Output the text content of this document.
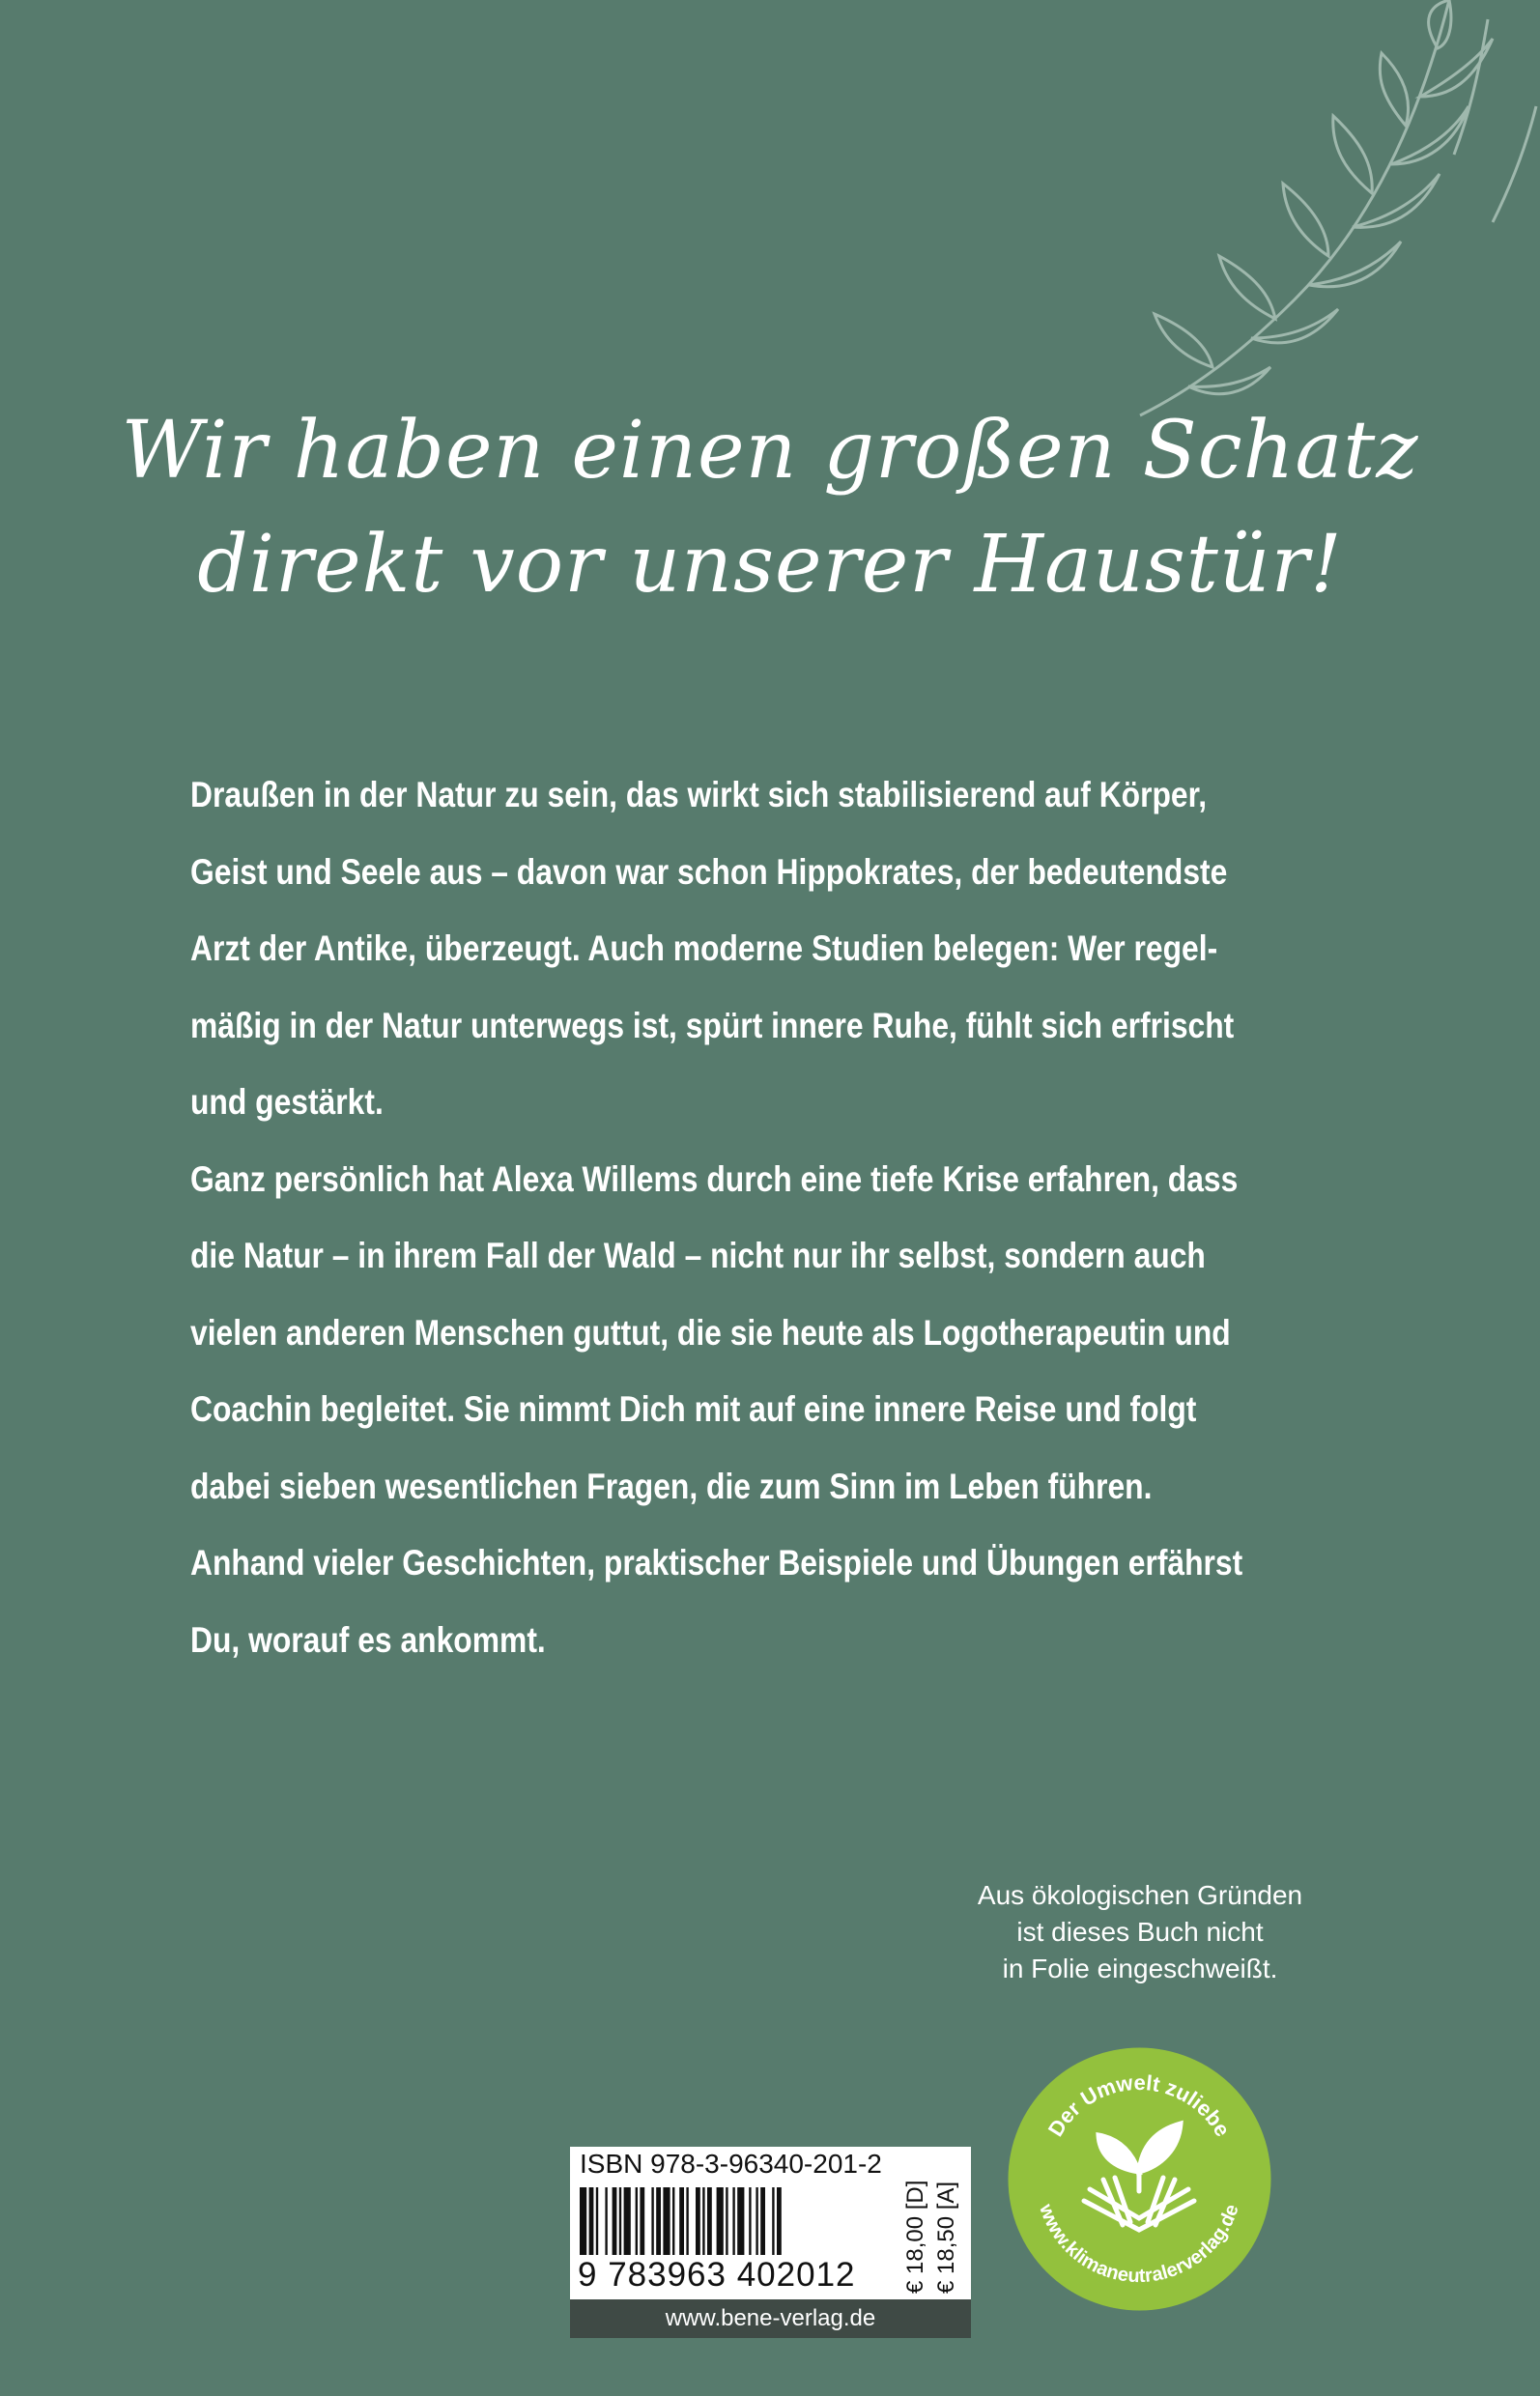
Wir haben einen großen Schatz
direkt vor unserer Haustür!
Draußen in der Natur zu sein, das wirkt sich stabilisierend auf Körper,
Geist und Seele aus – davon war schon Hippokrates, der bedeutendste
Arzt der Antike, überzeugt. Auch moderne Studien belegen: Wer regel-
mäßig in der Natur unterwegs ist, spürt innere Ruhe, fühlt sich erfrischt
und gestärkt.
Ganz persönlich hat Alexa Willems durch eine tiefe Krise erfahren, dass
die Natur – in ihrem Fall der Wald – nicht nur ihr selbst, sondern auch
vielen anderen Menschen guttut, die sie heute als Logotherapeutin und
Coachin begleitet. Sie nimmt Dich mit auf eine innere Reise und folgt
dabei sieben wesentlichen Fragen, die zum Sinn im Leben führen.
Anhand vieler Geschichten, praktischer Beispiele und Übungen erfährst
Du, worauf es ankommt.
Aus ökologischen Gründen
ist dieses Buch nicht
in Folie eingeschweißt.
Der Umwelt zuliebe
www.klimaneutralerverlag.de
ISBN 978-3-96340-201-2
9 783963 402012 € 18,00 [D] € 18,50 [A]
www.bene-verlag.de
